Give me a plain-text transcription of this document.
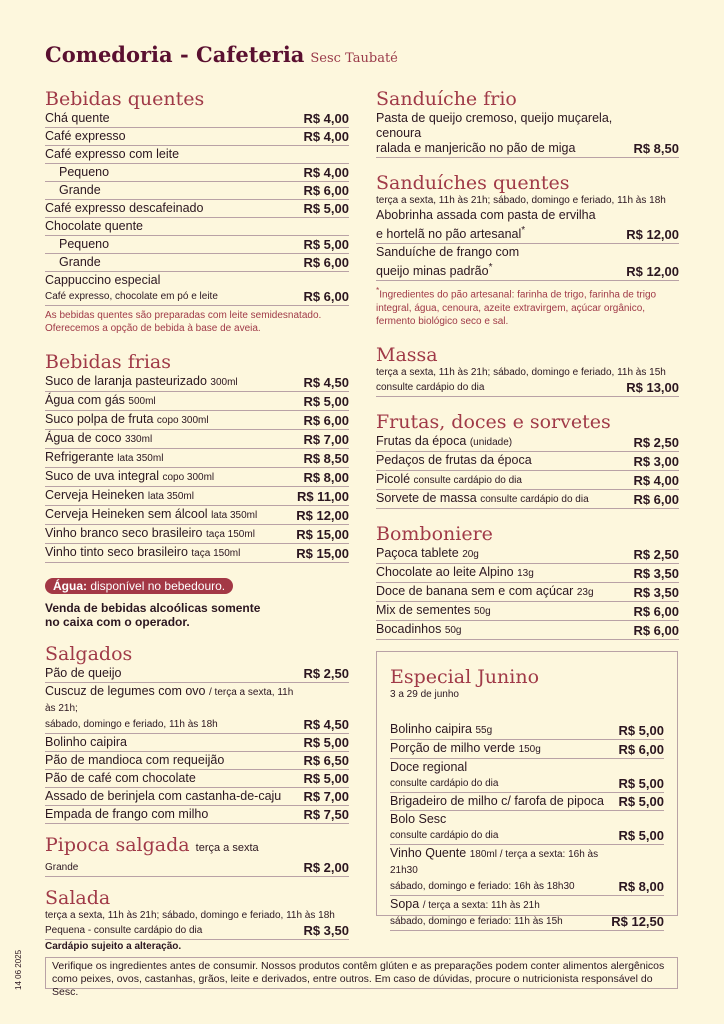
Comedoria - Cafeteria Sesc Taubaté
Bebidas quentes
Chá quente	R$ 4,00
Café expresso	R$ 4,00
Café expresso com leite
Pequeno	R$ 4,00
Grande	R$ 6,00
Café expresso descafeinado	R$ 5,00
Chocolate quente
Pequeno	R$ 5,00
Grande	R$ 6,00
Cappuccino especial
Café expresso, chocolate em pó e leite	R$ 6,00
As bebidas quentes são preparadas com leite semidesnatado.
Oferecemos a opção de bebida à base de aveia.
Bebidas frias
Suco de laranja pasteurizado 300ml	R$ 4,50
Água com gás 500ml	R$ 5,00
Suco polpa de fruta copo 300ml	R$ 6,00
Água de coco 330ml	R$ 7,00
Refrigerante lata 350ml	R$ 8,50
Suco de uva integral copo 300ml	R$ 8,00
Cerveja Heineken lata 350ml	R$ 11,00
Cerveja Heineken sem álcool lata 350ml	R$ 12,00
Vinho branco seco brasileiro taça 150ml	R$ 15,00
Vinho tinto seco brasileiro taça 150ml	R$ 15,00
Água: disponível no bebedouro.
Venda de bebidas alcoólicas somente
no caixa com o operador.
Salgados
Pão de queijo	R$ 2,50
Cuscuz de legumes com ovo / terça a sexta, 11h às 21h;
sábado, domingo e feriado, 11h às 18h	R$ 4,50
Bolinho caipira	R$ 5,00
Pão de mandioca com requeijão	R$ 6,50
Pão de café com chocolate	R$ 5,00
Assado de berinjela com castanha-de-caju	R$ 7,00
Empada de frango com milho	R$ 7,50
Pipoca salgada terça a sexta
Grande	R$ 2,00
Salada
terça a sexta, 11h às 21h; sábado, domingo e feriado, 11h às 18h
Pequena - consulte cardápio do dia	R$ 3,50
Sanduíche frio
Pasta de queijo cremoso, queijo muçarela, cenoura
ralada e manjericão no pão de miga	R$ 8,50
Sanduíches quentes
terça a sexta, 11h às 21h; sábado, domingo e feriado, 11h às 18h
Abobrinha assada com pasta de ervilha
e hortelã no pão artesanal*	R$ 12,00
Sanduíche de frango com
queijo minas padrão*	R$ 12,00
*Ingredientes do pão artesanal: farinha de trigo, farinha de trigo integral, água, cenoura, azeite extravirgem, açúcar orgânico, fermento biológico seco e sal.
Massa
terça a sexta, 11h às 21h; sábado, domingo e feriado, 11h às 15h
consulte cardápio do dia	R$ 13,00
Frutas, doces e sorvetes
Frutas da época (unidade)	R$ 2,50
Pedaços de frutas da época	R$ 3,00
Picolé consulte cardápio do dia	R$ 4,00
Sorvete de massa consulte cardápio do dia	R$ 6,00
Bomboniere
Paçoca tablete 20g	R$ 2,50
Chocolate ao leite Alpino 13g	R$ 3,50
Doce de banana sem e com açúcar 23g	R$ 3,50
Mix de sementes 50g	R$ 6,00
Bocadinhos 50g	R$ 6,00
Especial Junino
3 a 29 de junho
Bolinho caipira 55g	R$ 5,00
Porção de milho verde 150g	R$ 6,00
Doce regional
consulte cardápio do dia	R$ 5,00
Brigadeiro de milho c/ farofa de pipoca	R$ 5,00
Bolo Sesc
consulte cardápio do dia	R$ 5,00
Vinho Quente 180ml / terça a sexta: 16h às 21h30
sábado, domingo e feriado: 16h às 18h30	R$ 8,00
Sopa / terça a sexta: 11h às 21h
sábado, domingo e feriado: 11h às 15h	R$ 12,50
14 06 2025
Cardápio sujeito a alteração.
Verifique os ingredientes antes de consumir. Nossos produtos contêm glúten e as preparações podem conter alimentos alergênicos como peixes, ovos, castanhas, grãos, leite e derivados, entre outros. Em caso de dúvidas, procure o nutricionista responsável do Sesc.
